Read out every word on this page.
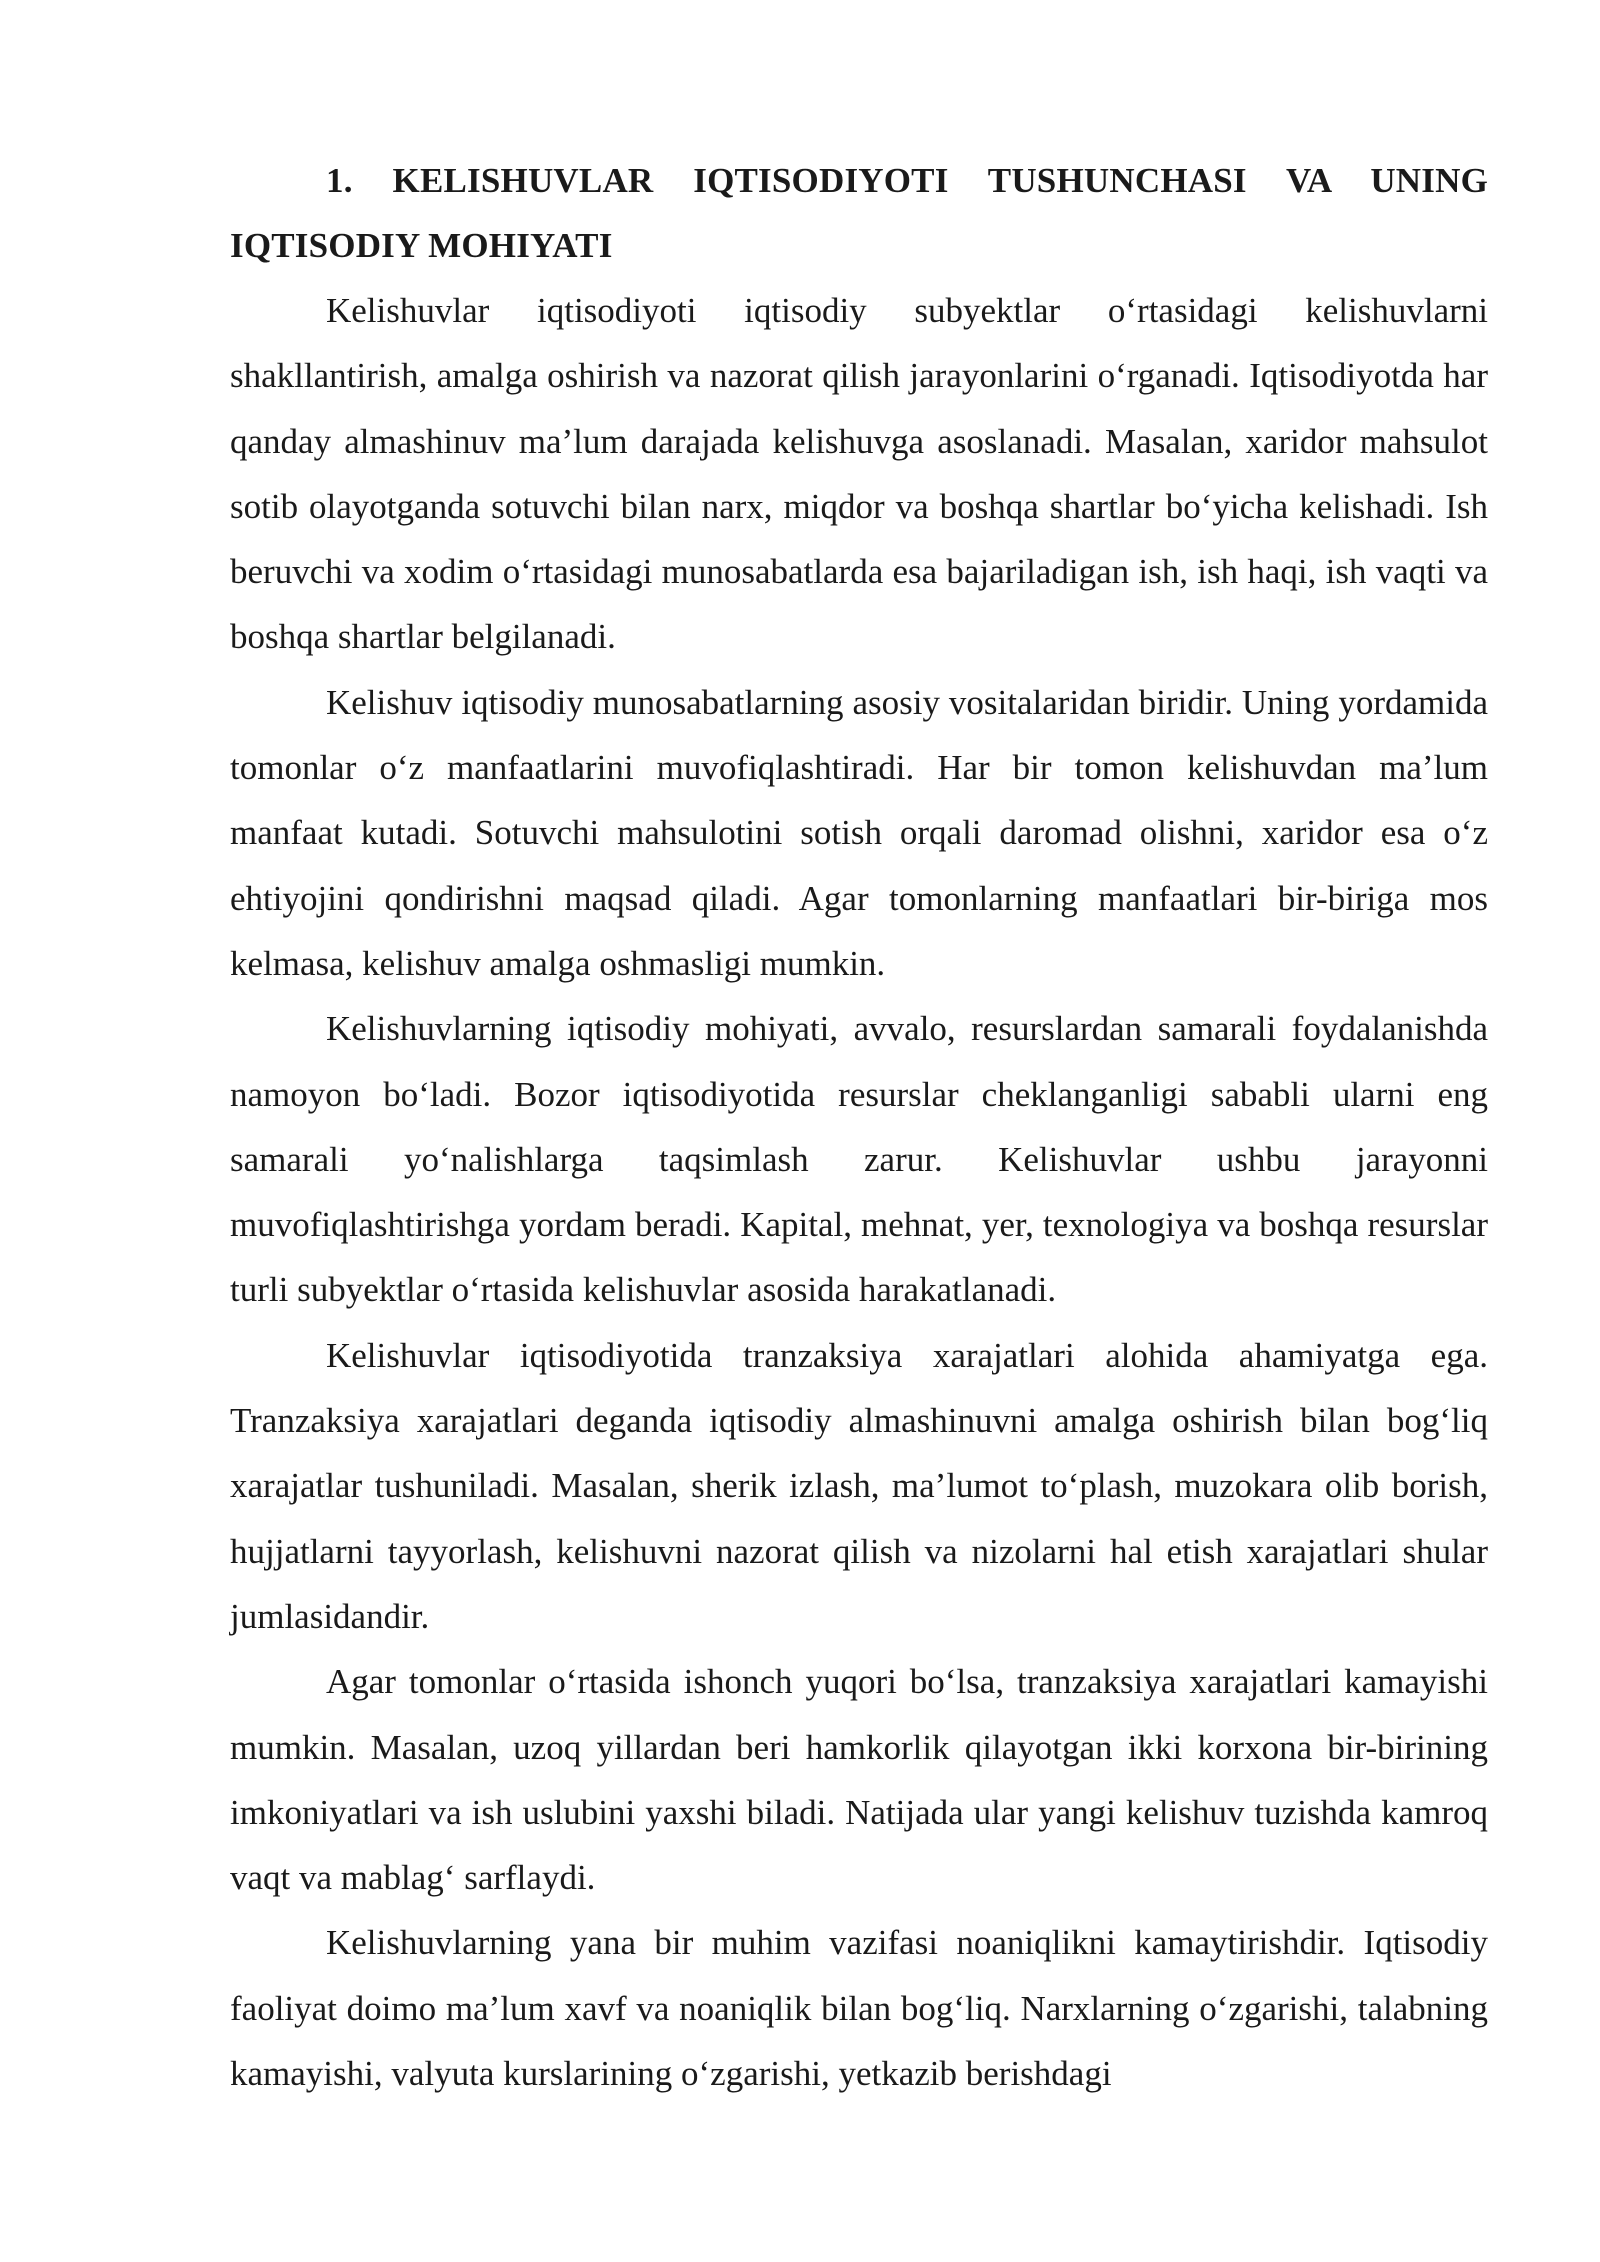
1. KELISHUVLAR IQTISODIYOTI TUSHUNCHASI VA UNING IQTISODIY MOHIYATI

Kelishuvlar iqtisodiyoti iqtisodiy subyektlar o‘rtasidagi kelishuvlarni shakllantirish, amalga oshirish va nazorat qilish jarayonlarini o‘rganadi. Iqtisodiyotda har qanday almashinuv ma’lum darajada kelishuvga asoslanadi. Masalan, xaridor mahsulot sotib olayotganda sotuvchi bilan narx, miqdor va boshqa shartlar bo‘yicha kelishadi. Ish beruvchi va xodim o‘rtasidagi munosabatlarda esa bajariladigan ish, ish haqi, ish vaqti va boshqa shartlar belgilanadi.

Kelishuv iqtisodiy munosabatlarning asosiy vositalaridan biridir. Uning yordamida tomonlar o‘z manfaatlarini muvofiqlashtiradi. Har bir tomon kelishuvdan ma’lum manfaat kutadi. Sotuvchi mahsulotini sotish orqali daromad olishni, xaridor esa o‘z ehtiyojini qondirishni maqsad qiladi. Agar tomonlarning manfaatlari bir-biriga mos kelmasa, kelishuv amalga oshmasligi mumkin.

Kelishuvlarning iqtisodiy mohiyati, avvalo, resurslardan samarali foydalanishda namoyon bo‘ladi. Bozor iqtisodiyotida resurslar cheklanganligi sababli ularni eng samarali yo‘nalishlarga taqsimlash zarur. Kelishuvlar ushbu jarayonni muvofiqlashtirishga yordam beradi. Kapital, mehnat, yer, texnologiya va boshqa resurslar turli subyektlar o‘rtasida kelishuvlar asosida harakatlanadi.

Kelishuvlar iqtisodiyotida tranzaksiya xarajatlari alohida ahamiyatga ega. Tranzaksiya xarajatlari deganda iqtisodiy almashinuvni amalga oshirish bilan bog‘liq xarajatlar tushuniladi. Masalan, sherik izlash, ma’lumot to‘plash, muzokara olib borish, hujjatlarni tayyorlash, kelishuvni nazorat qilish va nizolarni hal etish xarajatlari shular jumlasidandir.

Agar tomonlar o‘rtasida ishonch yuqori bo‘lsa, tranzaksiya xarajatlari kamayishi mumkin. Masalan, uzoq yillardan beri hamkorlik qilayotgan ikki korxona bir-birining imkoniyatlari va ish uslubini yaxshi biladi. Natijada ular yangi kelishuv tuzishda kamroq vaqt va mablag‘ sarflaydi.

Kelishuvlarning yana bir muhim vazifasi noaniqlikni kamaytirishdir. Iqtisodiy faoliyat doimo ma’lum xavf va noaniqlik bilan bog‘liq. Narxlarning o‘zgarishi, talabning kamayishi, valyuta kurslarining o‘zgarishi, yetkazib berishdagi
